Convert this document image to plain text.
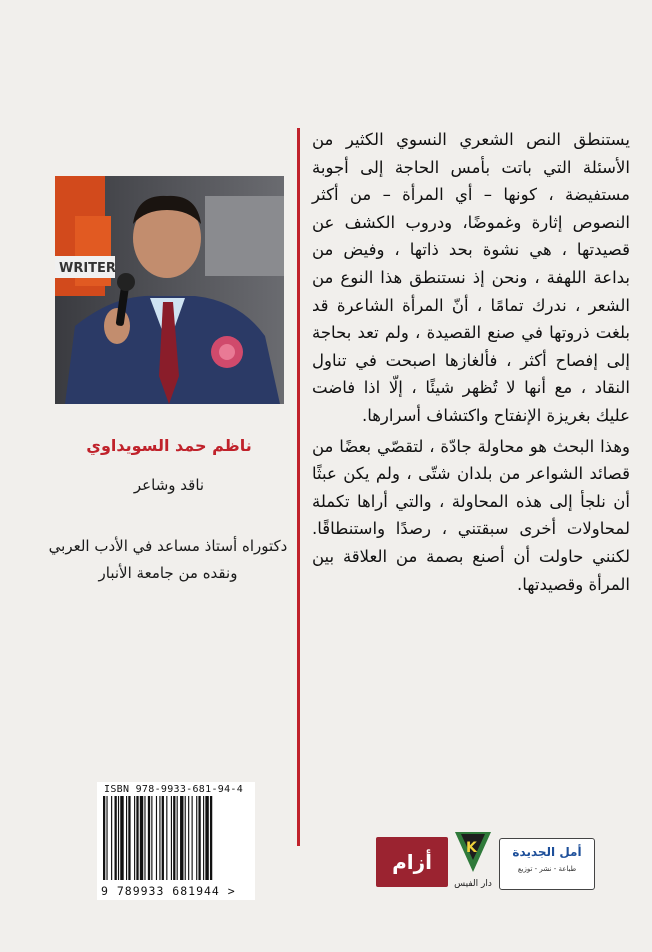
يستنطق النص الشعري النسوي الكثير من الأسئلة التي باتت بأمس الحاجة إلى أجوبة مستفيضة ، كونها – أي المرأة – من أكثر النصوص إثارة وغموضًا، ودروب الكشف عن قصيدتها ، هي نشوة بحد ذاتها ، وفيض من بداعة اللهفة ، ونحن إذ نستنطق هذا النوع من الشعر ، ندرك تمامًا ، أنّ المرأة الشاعرة قد بلغت ذروتها في صنع القصيدة ، ولم تعد بحاجة إلى إفصاح أكثر ، فألغازها اصبحت في تناول النقاد ، مع أنها لا تُظهر شيئًا ، إلّا اذا فاضت عليك بغريزة الإنفتاح واكتشاف أسرارها.

وهذا البحث هو محاولة جادّة ، لتقصّي بعضًا من قصائد الشواعر من بلدان شتّى ، ولم يكن عبثًا أن نلجأ إلى هذه المحاولة ، والتي أراها تكملة لمحاولات أخرى سبقتني ، رصدًا واستنطاقًا. لكنني حاولت أن أصنع بصمة من العلاقة بين المرأة وقصيدتها.

WRITER
ناظم حمد السويداوي
ناقد وشاعر
دكتوراه أستاذ مساعد في الأدب العربي
ونقده من جامعة الأنبار
ISBN 978-9933-681-94-4
9 789933 681944 >
أزام
K
دار الفيس
أمل الجديدة
طباعة - نشر - توزيع
